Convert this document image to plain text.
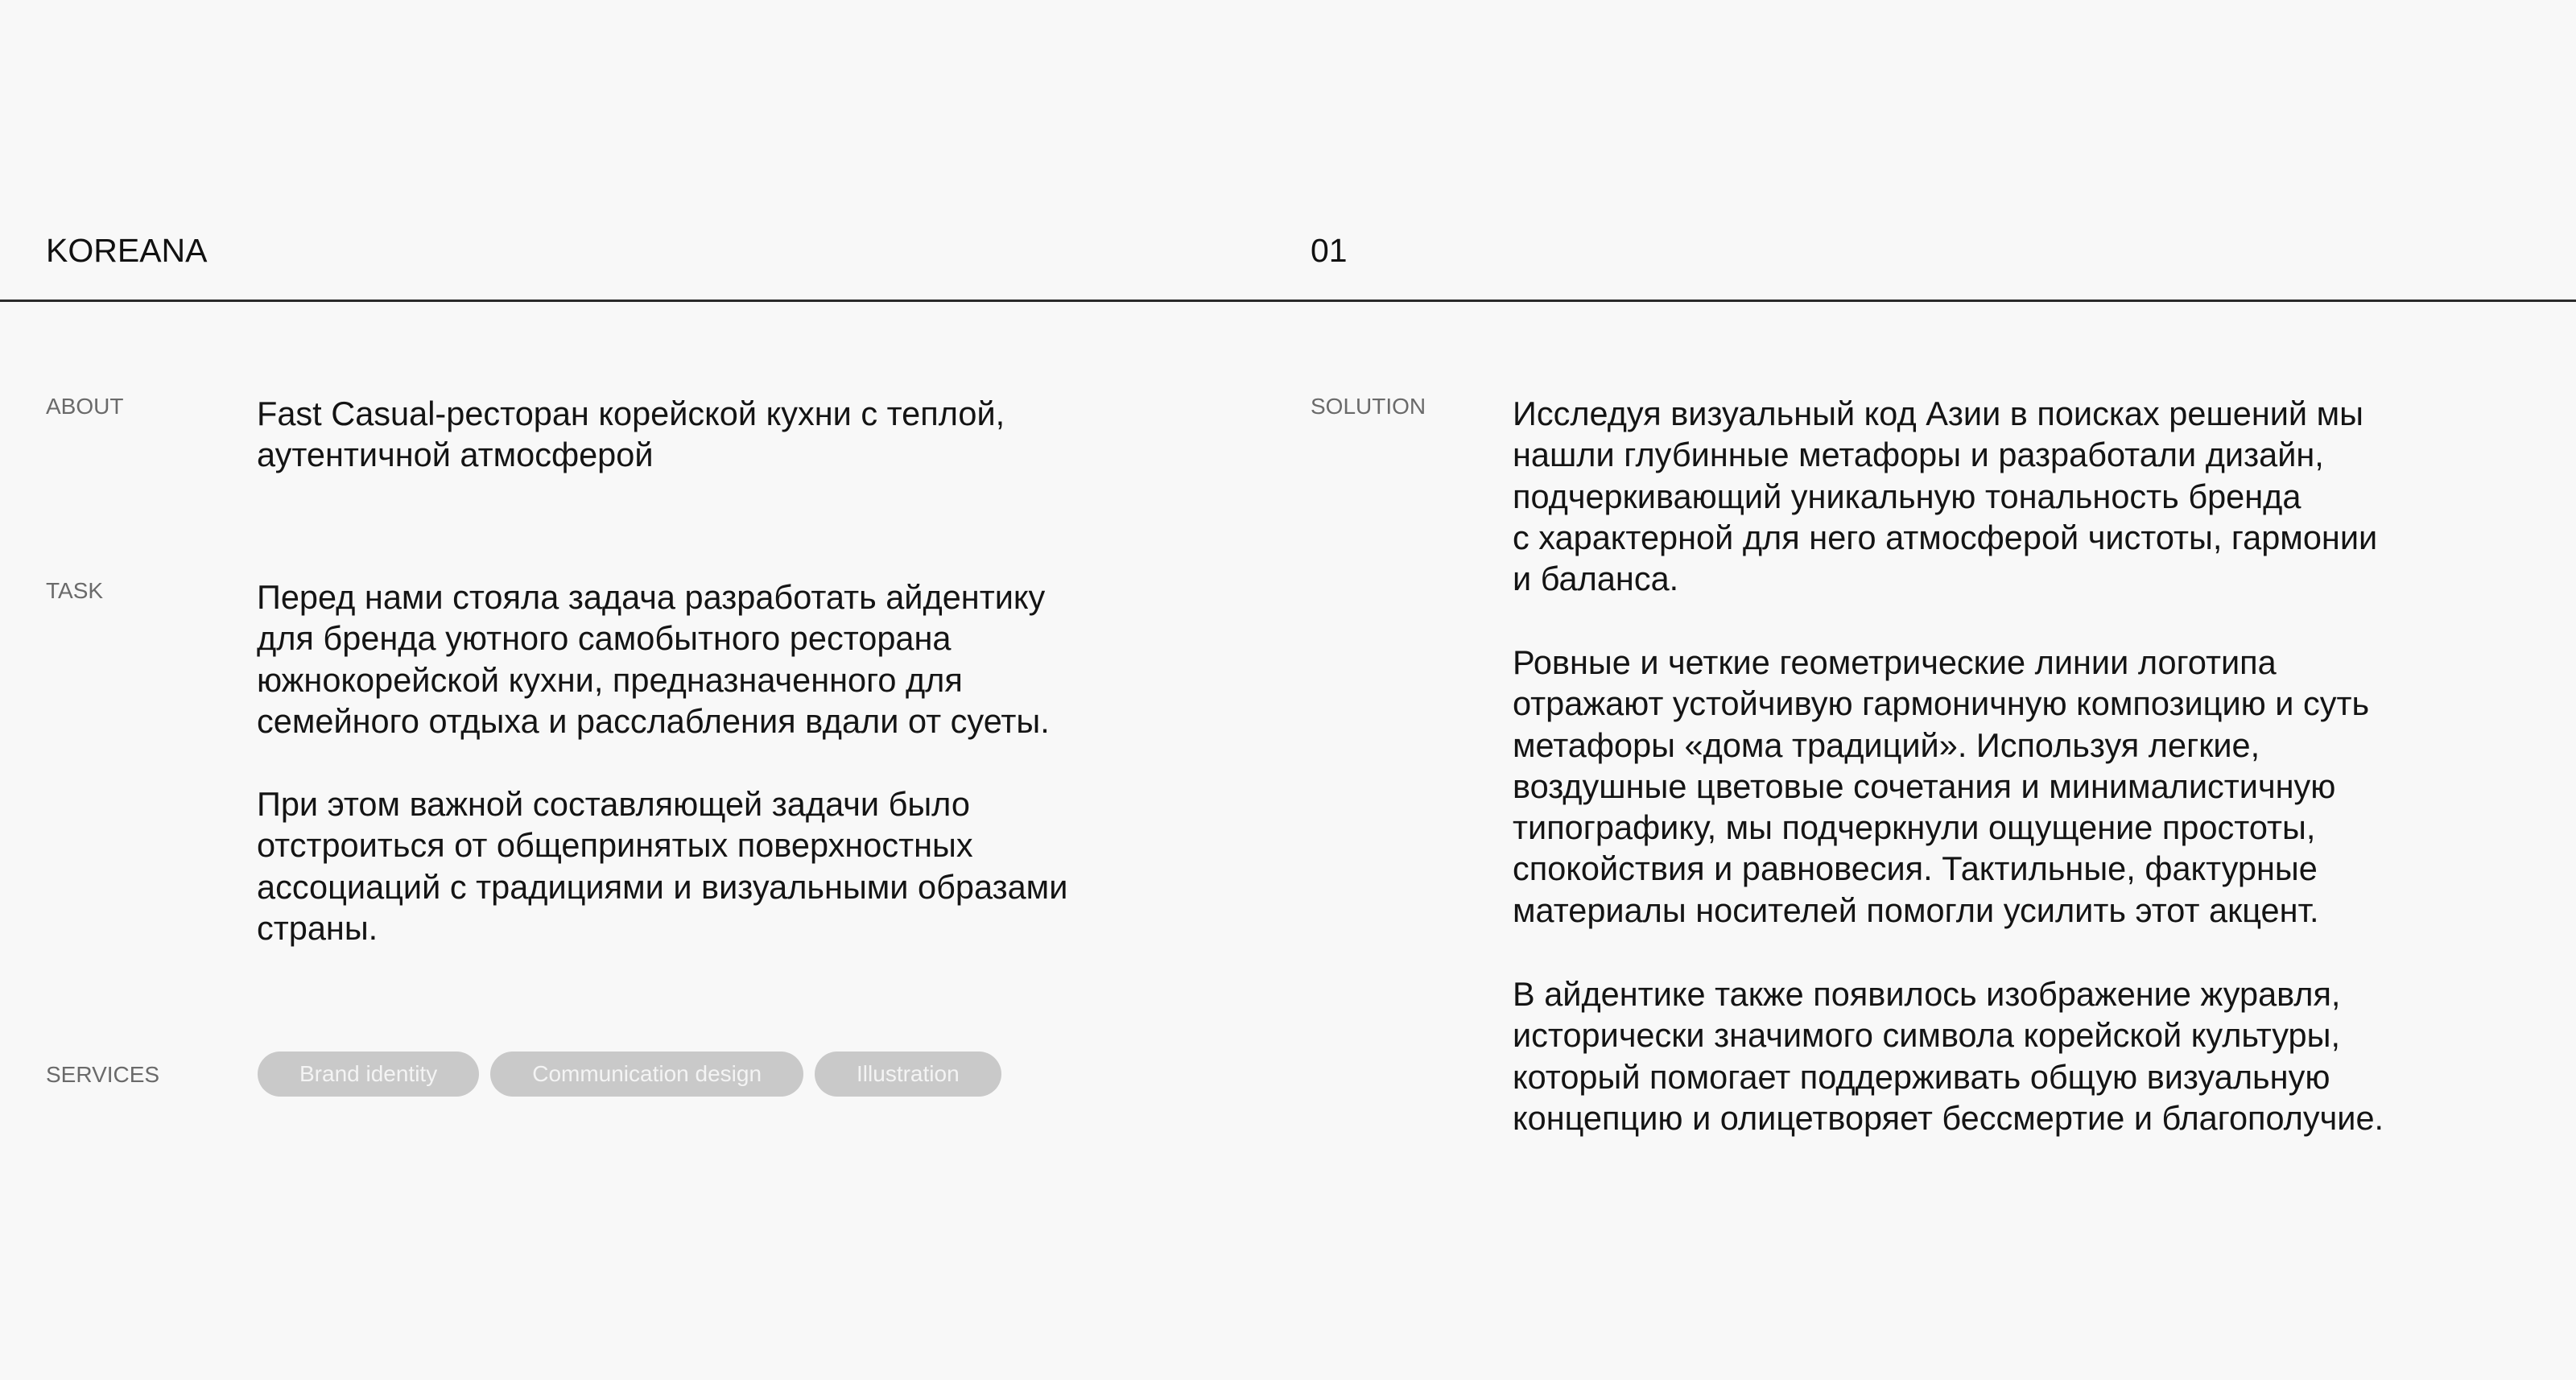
KOREANA	01
ABOUT	Fast Casual-ресторан корейской кухни с теплой,
аутентичной атмосферой

TASK	Перед нами стояла задача разработать айдентику
для бренда уютного самобытного ресторана
южнокорейской кухни, предназначенного для
семейного отдыха и расслабления вдали от суеты.

При этом важной составляющей задачи было
отстроиться от общепринятых поверхностных
ассоциаций с традициями и визуальными образами
страны.

SERVICES	Brand identity	Communication design	Illustration
SOLUTION	Исследуя визуальный код Азии в поисках решений мы
нашли глубинные метафоры и разработали дизайн,
подчеркивающий уникальную тональность бренда
с характерной для него атмосферой чистоты, гармонии
и баланса.

Ровные и четкие геометрические линии логотипа
отражают устойчивую гармоничную композицию и суть
метафоры «дома традиций». Используя легкие,
воздушные цветовые сочетания и минималистичную
типографику, мы подчеркнули ощущение простоты,
спокойствия и равновесия. Тактильные, фактурные
материалы носителей помогли усилить этот акцент.

В айдентике также появилось изображение журавля,
исторически значимого символа корейской культуры,
который помогает поддерживать общую визуальную
концепцию и олицетворяет бессмертие и благополучие.
